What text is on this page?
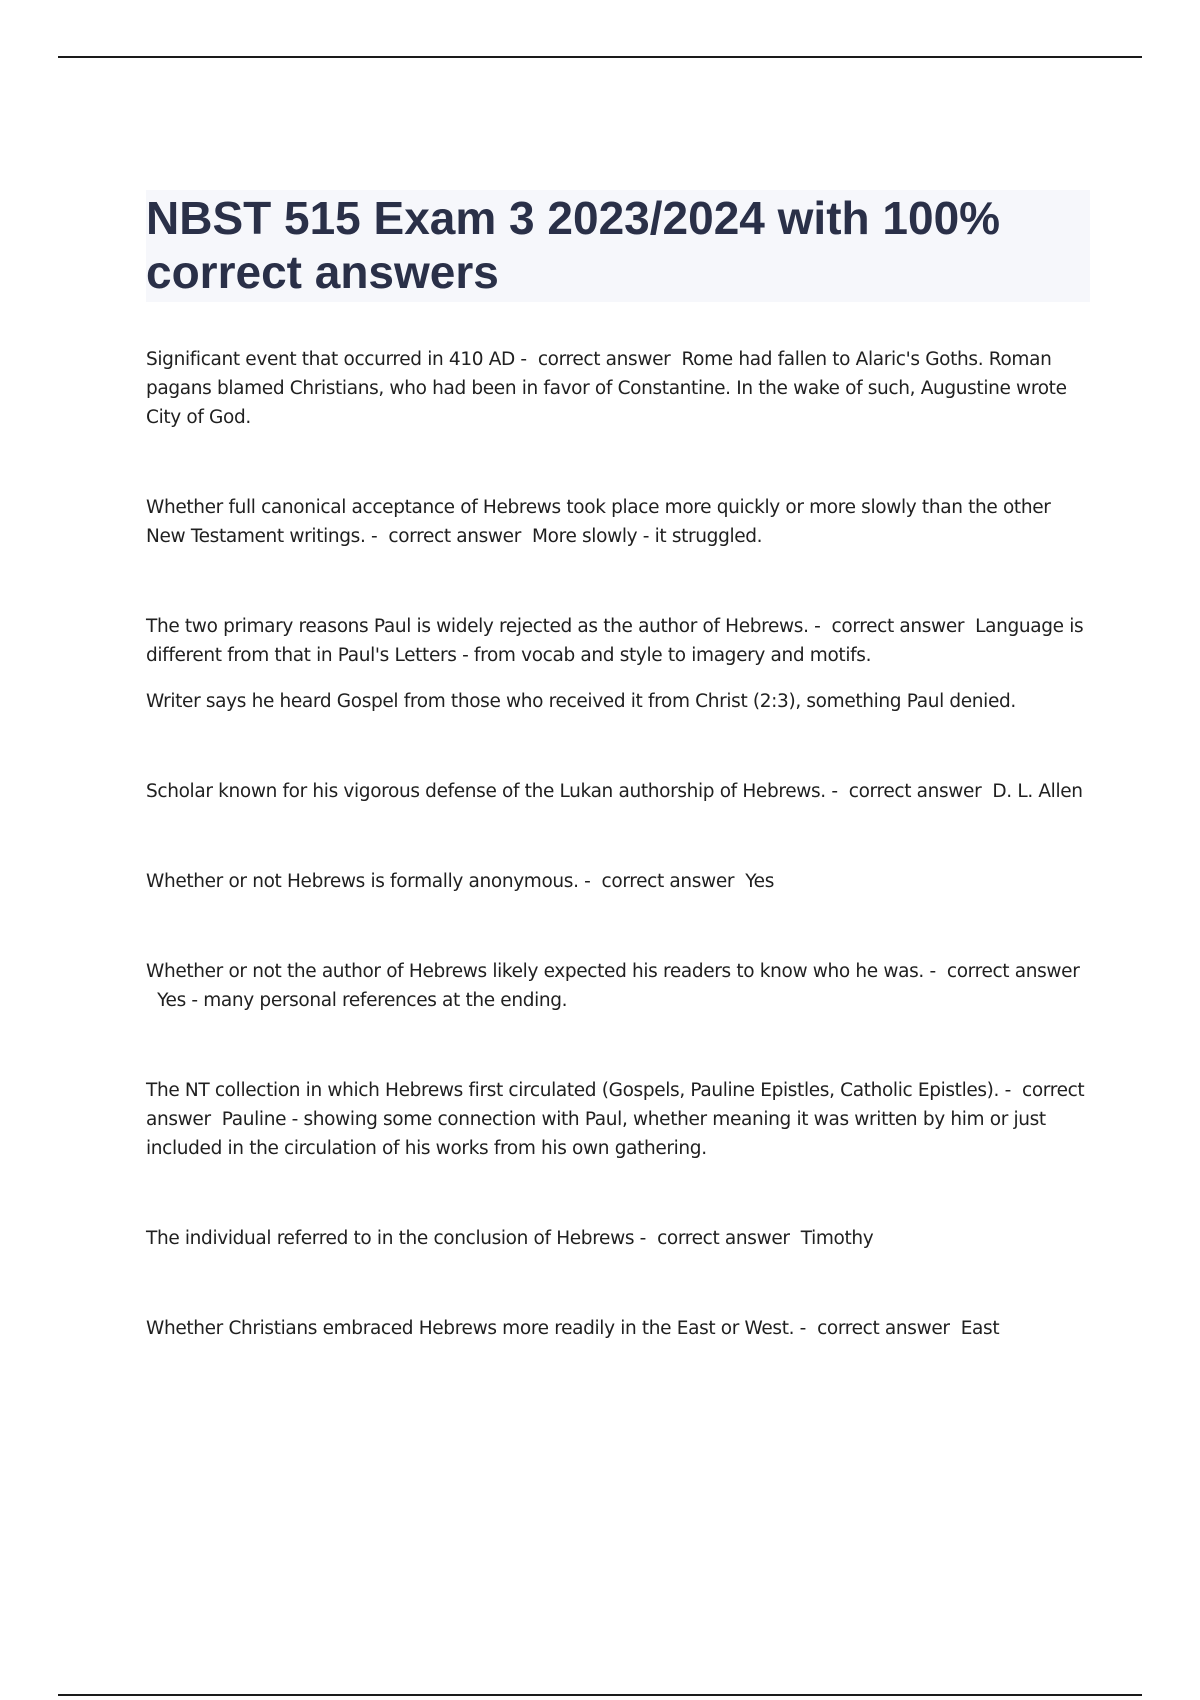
NBST 515 Exam 3 2023/2024 with 100% correct answers

Significant event that occurred in 410 AD - correct answer Rome had fallen to Alaric's Goths. Roman pagans blamed Christians, who had been in favor of Constantine. In the wake of such, Augustine wrote City of God.

Whether full canonical acceptance of Hebrews took place more quickly or more slowly than the other New Testament writings. - correct answer More slowly - it struggled.

The two primary reasons Paul is widely rejected as the author of Hebrews. - correct answer Language is different from that in Paul's Letters - from vocab and style to imagery and motifs.

Writer says he heard Gospel from those who received it from Christ (2:3), something Paul denied.

Scholar known for his vigorous defense of the Lukan authorship of Hebrews. - correct answer D. L. Allen

Whether or not Hebrews is formally anonymous. - correct answer Yes

Whether or not the author of Hebrews likely expected his readers to know who he was. - correct answer  Yes - many personal references at the ending.

The NT collection in which Hebrews first circulated (Gospels, Pauline Epistles, Catholic Epistles). - correct answer Pauline - showing some connection with Paul, whether meaning it was written by him or just included in the circulation of his works from his own gathering.

The individual referred to in the conclusion of Hebrews - correct answer Timothy

Whether Christians embraced Hebrews more readily in the East or West. - correct answer East
